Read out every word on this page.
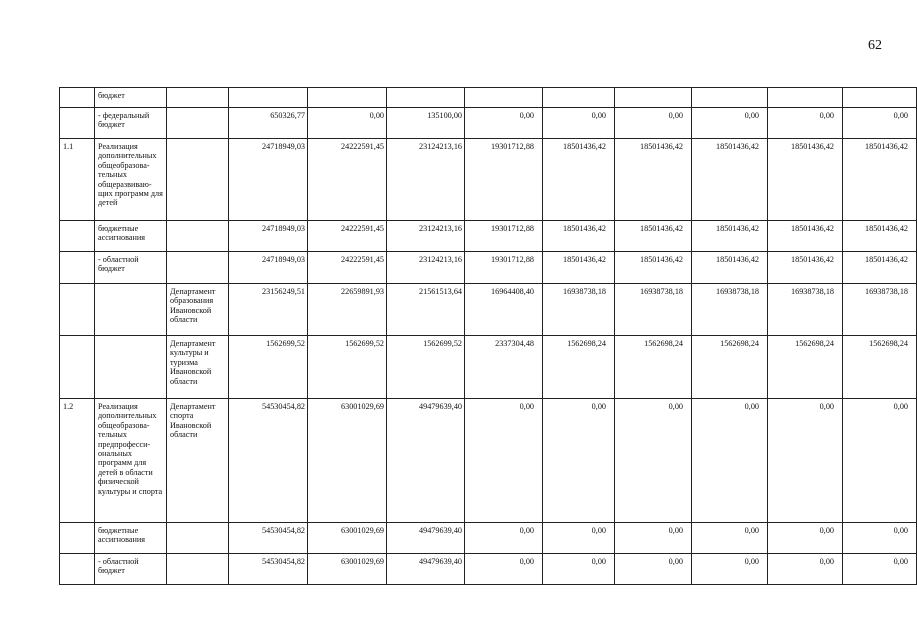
62
	бюджет										
	- федеральный бюджет		650326,77	0,00	135100,00	0,00	0,00	0,00	0,00	0,00	0,00
1.1	Реализация дополнительных общеобразова-тельных общеразвиваю-щих программ для детей		24718949,03	24222591,45	23124213,16	19301712,88	18501436,42	18501436,42	18501436,42	18501436,42	18501436,42
	бюджетные ассигнования		24718949,03	24222591,45	23124213,16	19301712,88	18501436,42	18501436,42	18501436,42	18501436,42	18501436,42
	- областной бюджет		24718949,03	24222591,45	23124213,16	19301712,88	18501436,42	18501436,42	18501436,42	18501436,42	18501436,42
		Департамент образования Ивановской области	23156249,51	22659891,93	21561513,64	16964408,40	16938738,18	16938738,18	16938738,18	16938738,18	16938738,18
		Департамент культуры и туризма Ивановской области	1562699,52	1562699,52	1562699,52	2337304,48	1562698,24	1562698,24	1562698,24	1562698,24	1562698,24
1.2	Реализация дополнительных общеобразова-тельных предпрофесси-ональных программ для детей в области физической культуры и спорта	Департамент спорта Ивановской области	54530454,82	63001029,69	49479639,40	0,00	0,00	0,00	0,00	0,00	0,00
	бюджетные ассигнования		54530454,82	63001029,69	49479639,40	0,00	0,00	0,00	0,00	0,00	0,00
	- областной бюджет		54530454,82	63001029,69	49479639,40	0,00	0,00	0,00	0,00	0,00	0,00
